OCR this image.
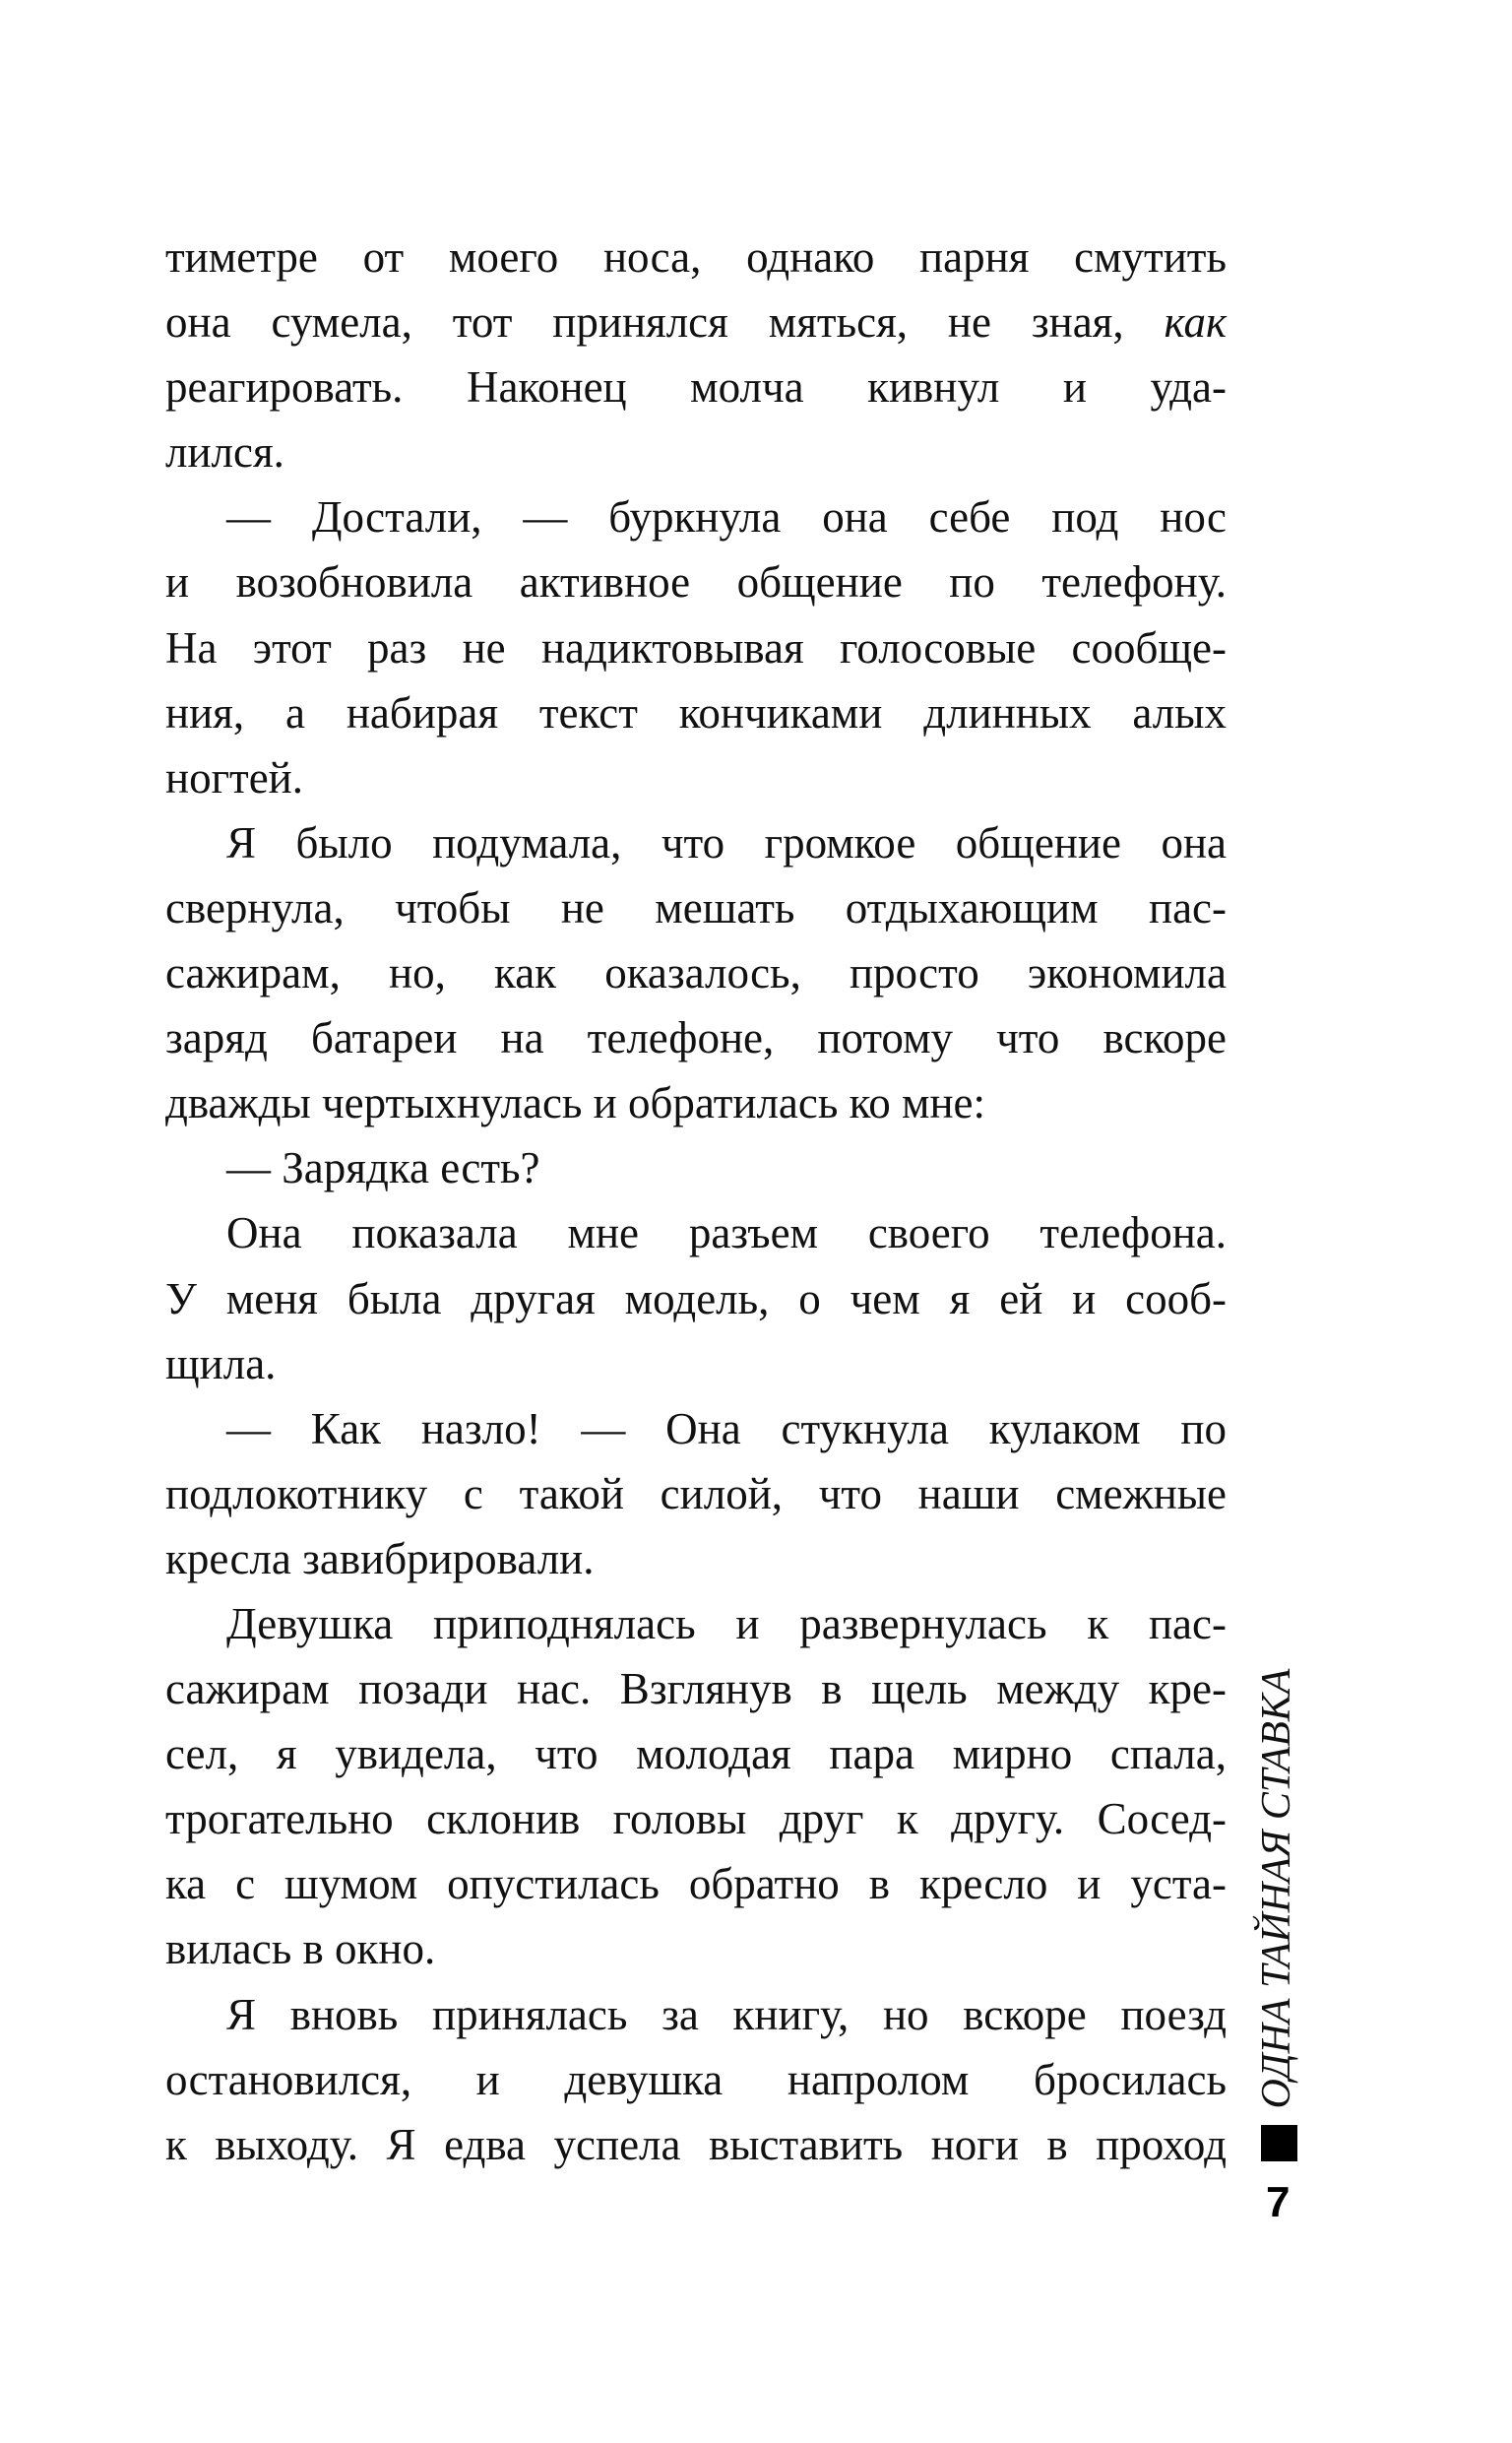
тиметре от моего носа, однако парня смутить
она сумела, тот принялся мяться, не зная, как
реагировать. Наконец молча кивнул и уда-
лился.
— Достали, — буркнула она себе под нос
и возобновила активное общение по телефону.
На этот раз не надиктовывая голосовые сообще-
ния, а набирая текст кончиками длинных алых
ногтей.
Я было подумала, что громкое общение она
свернула, чтобы не мешать отдыхающим пас-
сажирам, но, как оказалось, просто экономила
заряд батареи на телефоне, потому что вскоре
дважды чертыхнулась и обратилась ко мне:
— Зарядка есть?
Она показала мне разъем своего телефона.
У меня была другая модель, о чем я ей и сооб-
щила.
— Как назло! — Она стукнула кулаком по
подлокотнику с такой силой, что наши смежные
кресла завибрировали.
Девушка приподнялась и развернулась к пас-
сажирам позади нас. Взглянув в щель между кре-
сел, я увидела, что молодая пара мирно спала,
трогательно склонив головы друг к другу. Сосед-
ка с шумом опустилась обратно в кресло и уста-
вилась в окно.
Я вновь принялась за книгу, но вскоре поезд
остановился, и девушка напролом бросилась
к выходу. Я едва успела выставить ноги в проход
ОДНА ТАЙНАЯ СТАВКА
7
